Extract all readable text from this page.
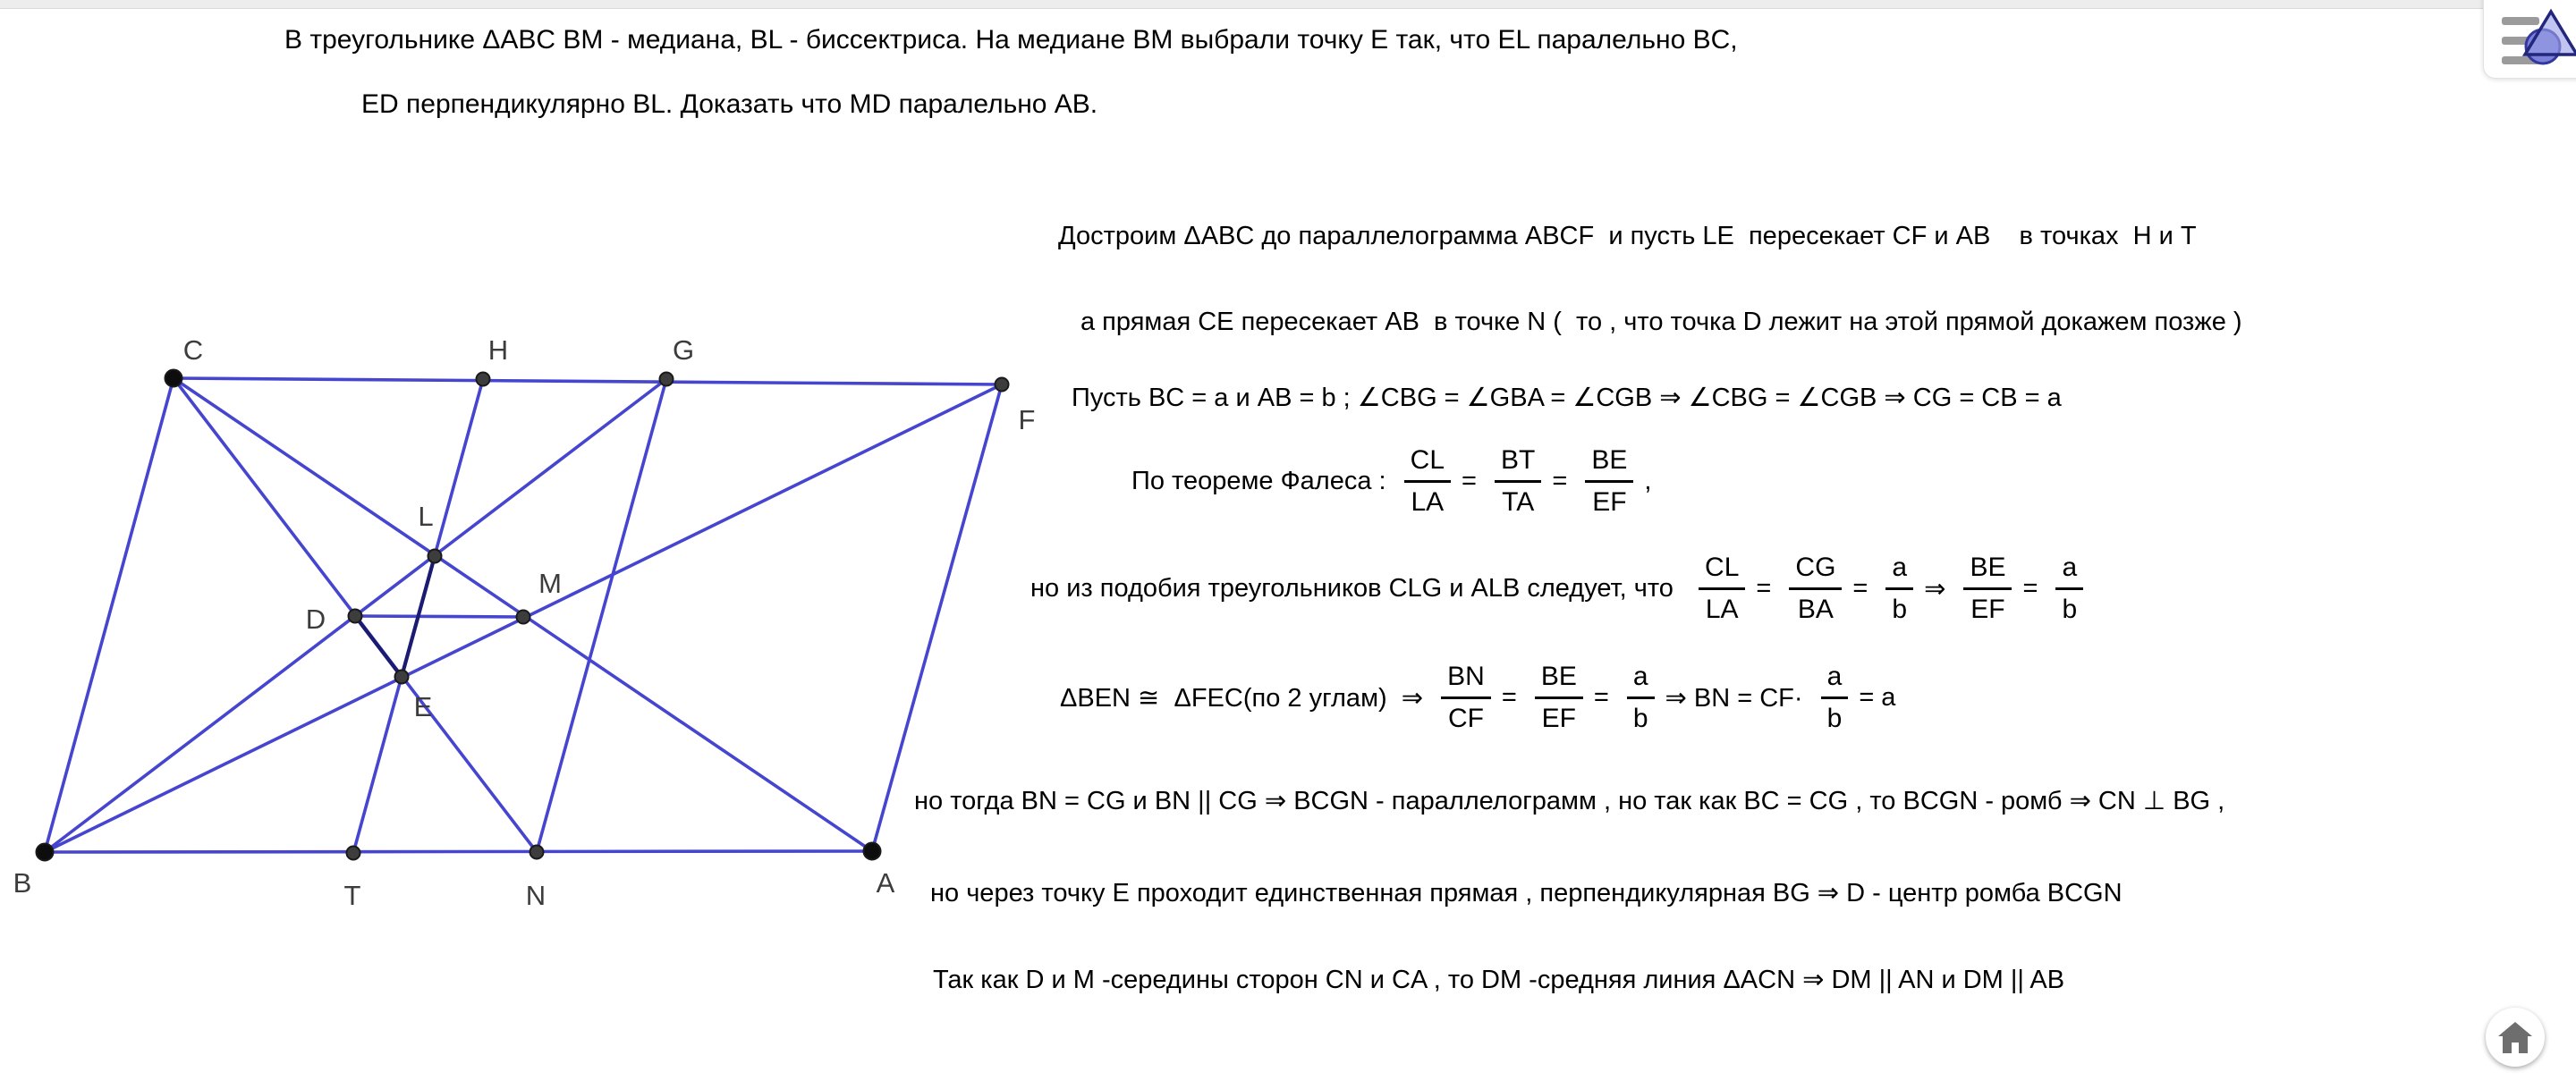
В треугольнике ΔABC BM - медиана, BL - биссектриса. На медиане BM выбрали точку Е так, что EL паралельно BC,
ED перпендикулярно BL. Доказать что MD паралельно AB.
B
C
A
F
H	G
T	N
L
M
D
E
Достроим ΔABC до параллелограмма ABCF  и пусть LE  пересекает CF и AB    в точках  H и T
а прямая CE пересекает AB  в точке N (  то , что точка D лежит на этой прямой докажем позже )
Пусть BC = a и AB = b ; ∠CBG = ∠GBA = ∠CGB ⇒ ∠CBG = ∠CGB ⇒ CG = CB = a
По теореме Фалеса : $\frac{CL}{LA} = \frac{BT}{TA} = \frac{BE}{EF}$ ,
но из подобия треугольников CLG и ALB следует, что $\frac{CL}{LA} = \frac{CG}{BA} = \frac{a}{b}$ ⇒ $\frac{BE}{EF} = \frac{a}{b}$
ΔBEN ≅  ΔFEC(по 2 углам)  ⇒ $\frac{BN}{CF} = \frac{BE}{EF} = \frac{a}{b}$ ⇒ BN = $CF\cdot \frac{a}{b} = a$
но тогда BN = CG и BN || CG ⇒ BCGN - параллелограмм , но так как BC = CG , то BCGN - ромб ⇒ CN ⊥ BG ,
но через точку E проходит единственная прямая , перпендикулярная BG ⇒ D - центр ромба BCGN
Так как D и M -середины сторон CN и CA , то DM -средняя линия ΔACN ⇒ DM || AN и DM || AB
